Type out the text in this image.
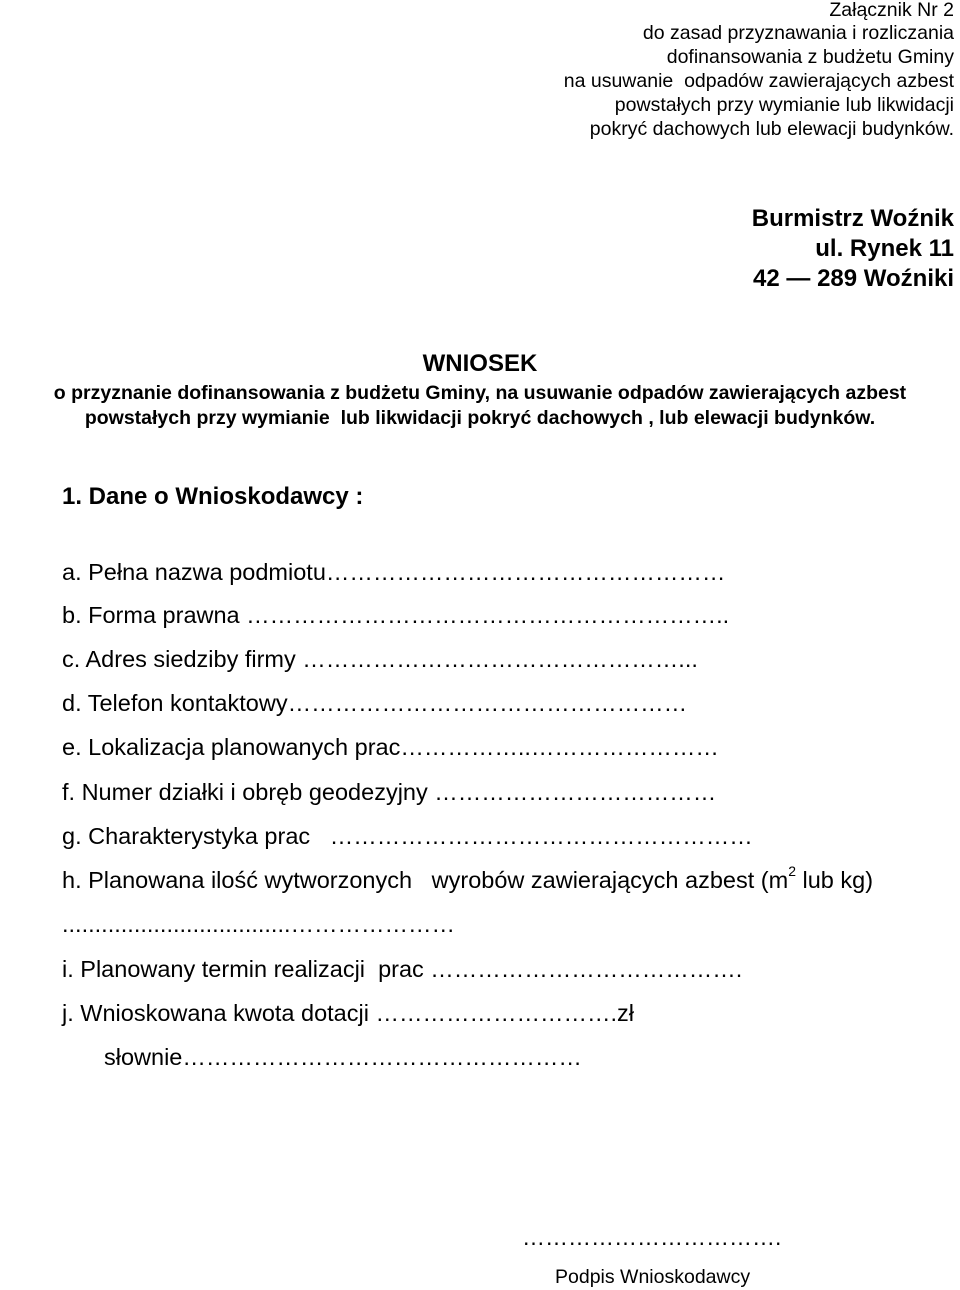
Załącznik Nr 2
do zasad przyznawania i rozliczania
dofinansowania z budżetu Gminy
na usuwanie  odpadów zawierających azbest
powstałych przy wymianie lub likwidacji
pokryć dachowych lub elewacji budynków.
Burmistrz Woźnik
ul. Rynek 11
42 — 289 Woźniki
WNIOSEK
o przyznanie dofinansowania z budżetu Gminy, na usuwanie odpadów zawierających azbest
powstałych przy wymianie  lub likwidacji pokryć dachowych , lub elewacji budynków.
1. Dane o Wnioskodawcy :
a. Pełna nazwa podmiotu……………………………………………
b. Forma prawna ……………………………………………………..
c. Adres siedziby firmy …………………………………………...
d. Telefon kontaktowy……………………………………………
e. Lokalizacja planowanych prac……………..……………………
f. Numer działki i obręb geodezyjny ………………………………
g. Charakterystyka prac   ………………………………………………
h. Planowana ilość wytworzonych   wyrobów zawierających azbest ($m^2$ lub kg)
...................................…………………
i. Planowany termin realizacji  prac ………………………………….
j. Wnioskowana kwota dotacji ………………………….zł
słownie……………………………………………
…………………………….
Podpis Wnioskodawcy
